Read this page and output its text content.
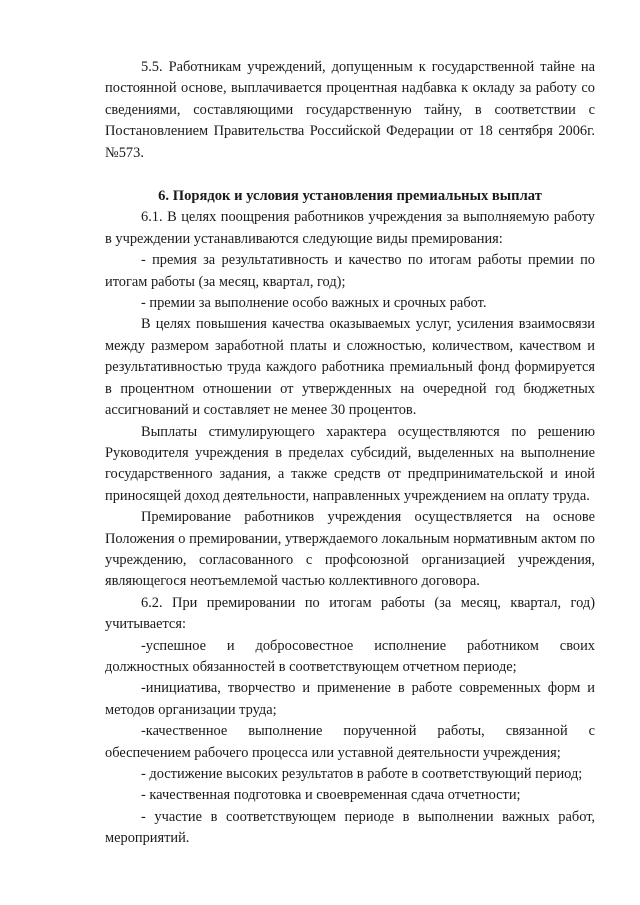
5.5. Работникам учреждений, допущенным к государственной тайне на постоянной основе, выплачивается процентная надбавка к окладу за работу со сведениями, составляющими государственную тайну, в соответствии с Постановлением Правительства Российской Федерации от 18 сентября 2006г. №573.

6. Порядок и условия установления премиальных выплат

6.1. В целях поощрения работников учреждения за выполняемую работу в учреждении устанавливаются следующие виды премирования:

- премия за результативность и качество по итогам работы премии по итогам работы (за месяц, квартал, год);

- премии за выполнение особо важных и срочных работ.

В целях повышения качества оказываемых услуг, усиления взаимосвязи между размером заработной платы и сложностью, количеством, качеством и результативностью труда каждого работника премиальный фонд формируется в процентном отношении от утвержденных на очередной год бюджетных ассигнований и составляет не менее 30 процентов.

Выплаты стимулирующего характера осуществляются по решению Руководителя учреждения в пределах субсидий, выделенных на выполнение государственного задания, а также средств от предпринимательской и иной приносящей доход деятельности, направленных учреждением на оплату труда.

Премирование работников учреждения осуществляется на основе Положения о премировании, утверждаемого локальным нормативным актом по учреждению, согласованного с профсоюзной организацией учреждения, являющегося неотъемлемой частью коллективного договора.

6.2. При премировании по итогам работы (за месяц, квартал, год) учитывается:

-успешное и добросовестное исполнение работником своих должностных обязанностей в соответствующем отчетном периоде;

-инициатива, творчество и применение в работе современных форм и методов организации труда;

-качественное выполнение порученной работы, связанной с обеспечением рабочего процесса или уставной деятельности учреждения;

- достижение высоких результатов в работе в соответствующий период;

- качественная подготовка и своевременная сдача отчетности;

- участие в соответствующем периоде в выполнении важных работ, мероприятий.
